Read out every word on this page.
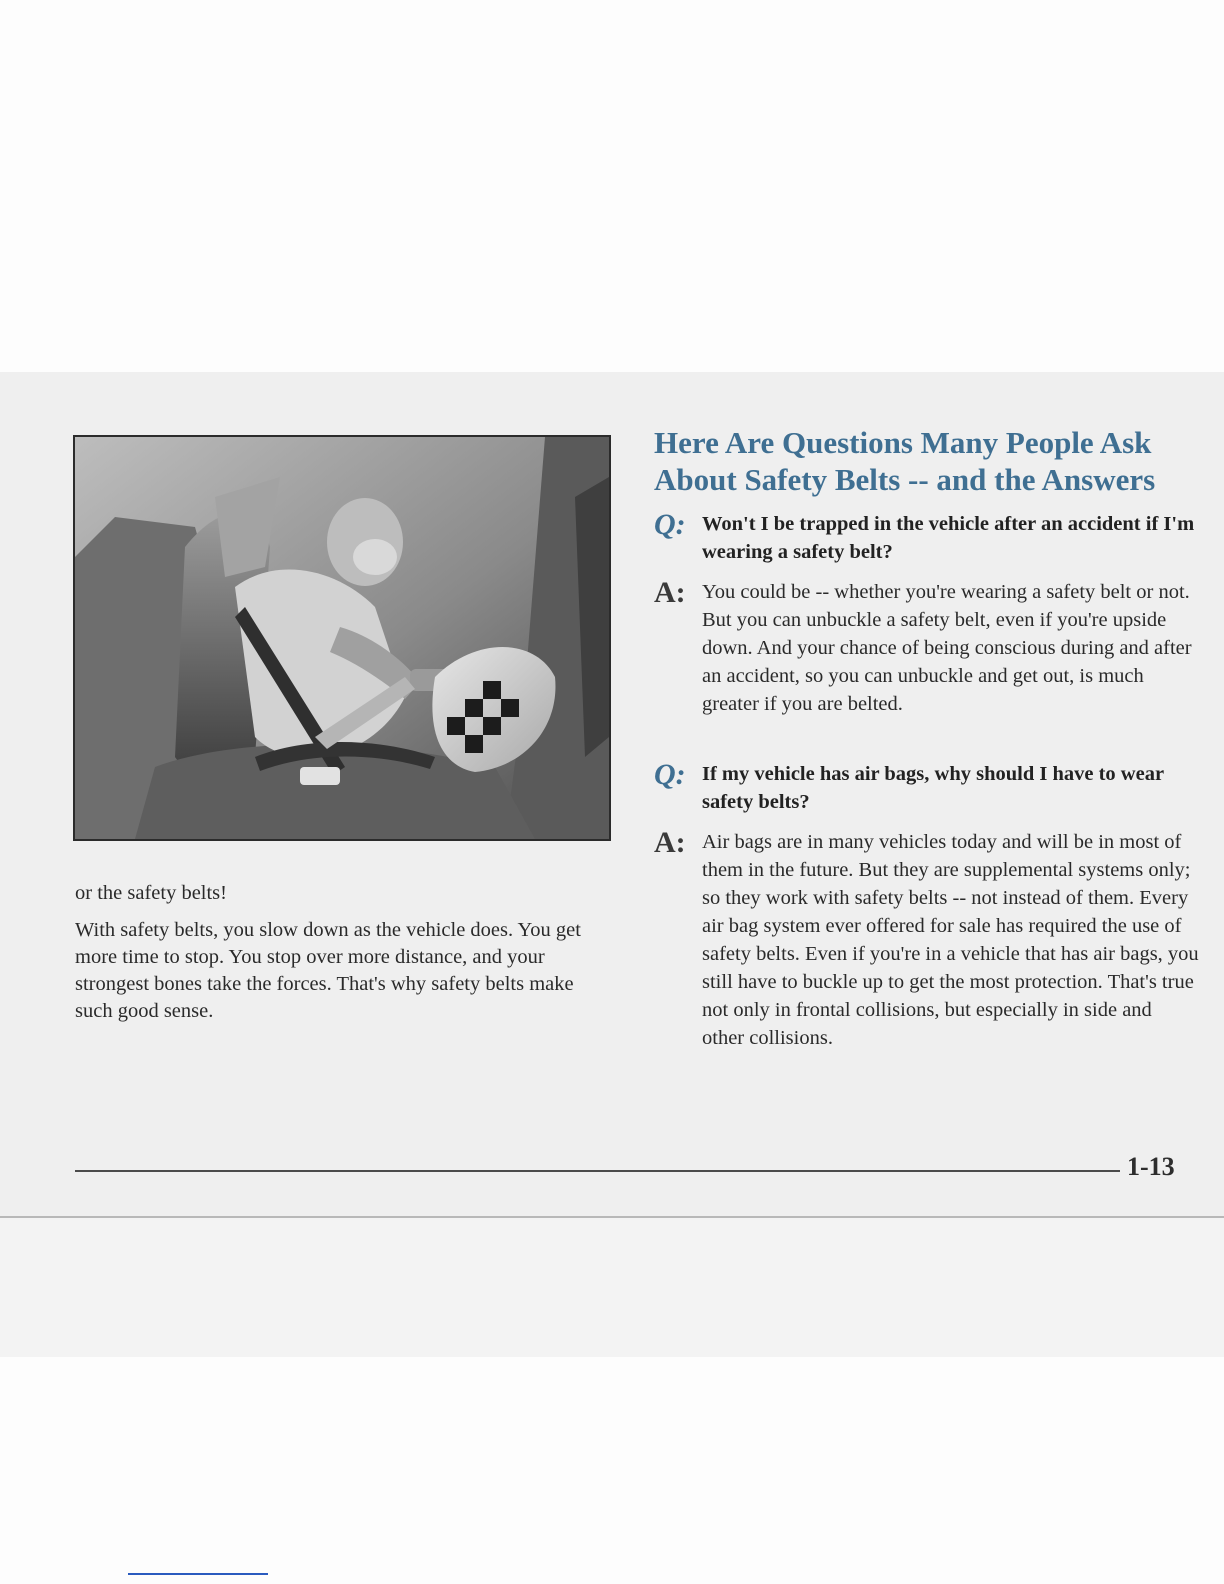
or the safety belts!

With safety belts, you slow down as the vehicle does. You get more time to stop. You stop over more distance, and your strongest bones take the forces. That's why safety belts make such good sense.

Here Are Questions Many People Ask About Safety Belts -- and the Answers
Q: Won't I be trapped in the vehicle after an accident if I'm wearing a safety belt?
A: You could be -- whether you're wearing a safety belt or not. But you can unbuckle a safety belt, even if you're upside down. And your chance of being conscious during and after an accident, so you can unbuckle and get out, is much greater if you are belted.
Q: If my vehicle has air bags, why should I have to wear safety belts?
A: Air bags are in many vehicles today and will be in most of them in the future. But they are supplemental systems only; so they work with safety belts -- not instead of them. Every air bag system ever offered for sale has required the use of safety belts. Even if you're in a vehicle that has air bags, you still have to buckle up to get the most protection. That's true not only in frontal collisions, but especially in side and other collisions.
1-13
